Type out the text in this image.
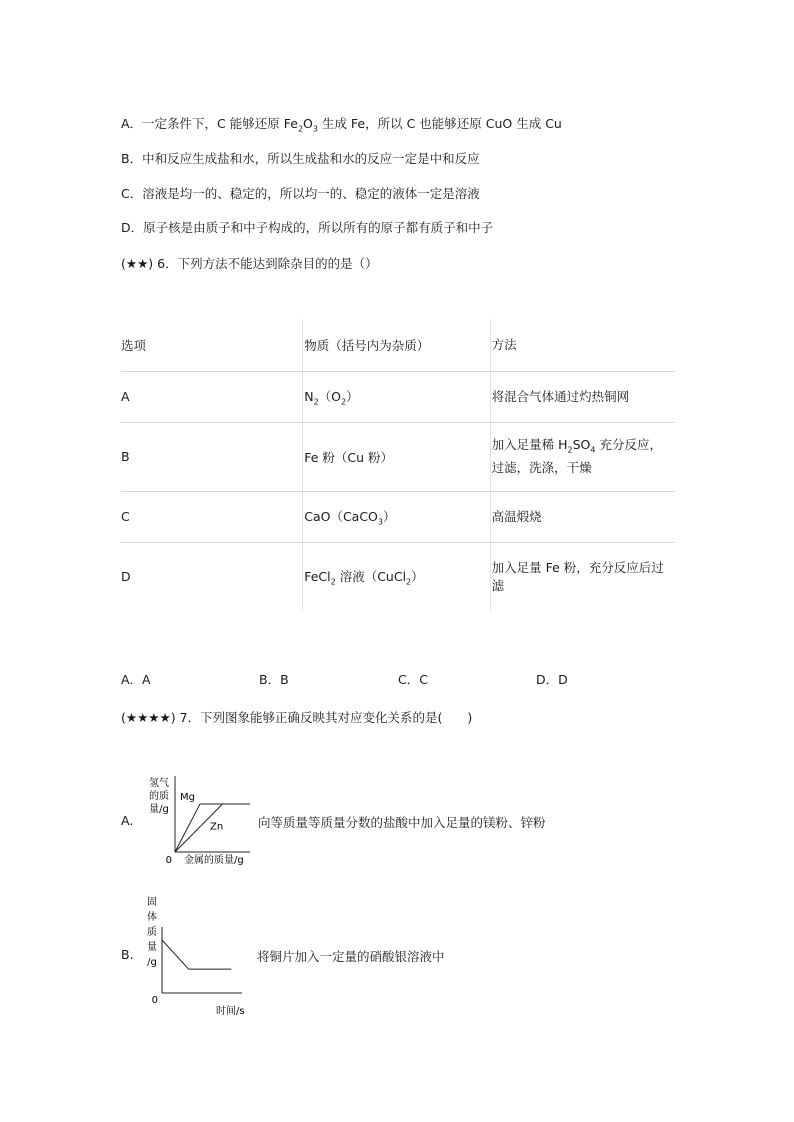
A．一定条件下，C 能够还原 $Fe_2O_3$ 生成 Fe，所以 C 也能够还原 CuO 生成 Cu
B．中和反应生成盐和水，所以生成盐和水的反应一定是中和反应
C．溶液是均一的、稳定的，所以均一的、稳定的液体一定是溶液
D．原子核是由质子和中子构成的，所以所有的原子都有质子和中子
(★★) 6．下列方法不能达到除杂目的的是（）
选项	物质（括号内为杂质）	方法

A	$N_2(O_2)$	将混合气体通过灼热铜网

B	Fe 粉（Cu 粉）	加入足量稀 $H_2SO_4$ 充分反应，
过滤，洗涤，干燥

C	CaO（CaCO$_3$）	高温煅烧

D	FeCl$_2$ 溶液（CuCl$_2$）	加入足量 Fe 粉，充分反应后过
滤
A．A	B．B	C．C	D．D
(★★★★) 7．下列图象能够正确反映其对应变化关系的是(　　)
A.
氢气
的质
量/g
0 金属的质量/g
Mg
Zn	向等质量等质量分数的盐酸中加入足量的镁粉、锌粉
B.
固
体
质
量
/g
0
时间/s
将铜片加入一定量的硝酸银溶液中
